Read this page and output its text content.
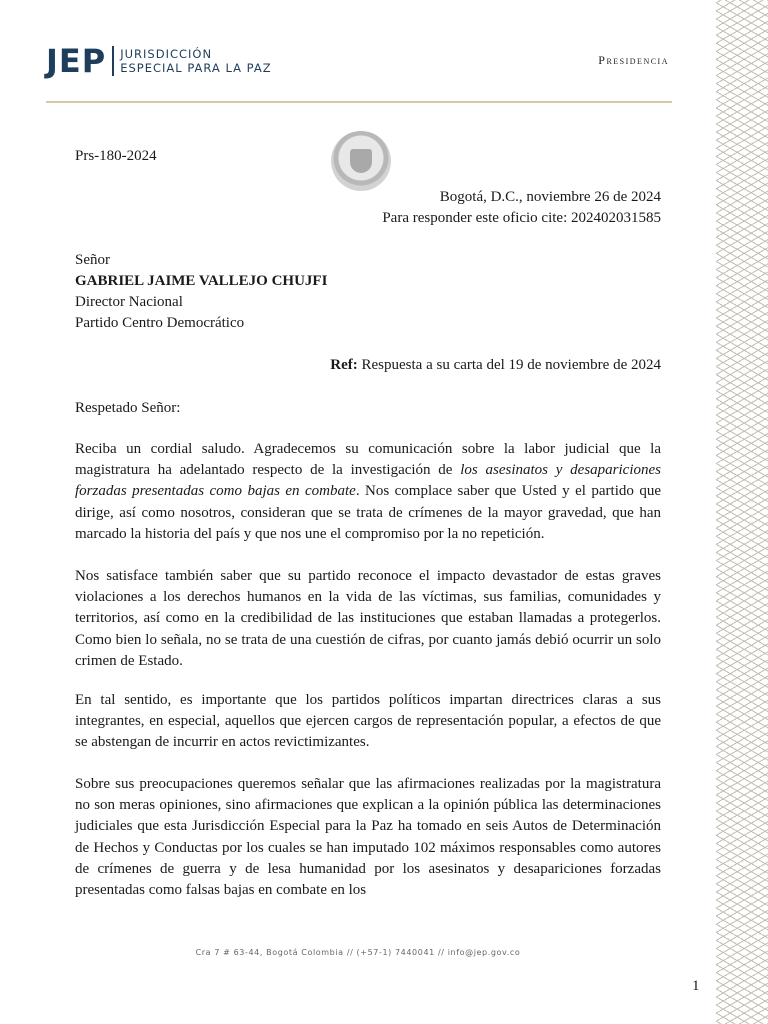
JEP JURISDICCIÓN
ESPECIAL PARA LA PAZ
Presidencia
Prs-180-2024
Bogotá, D.C., noviembre 26 de 2024
Para responder este oficio cite: 202402031585
Señor
GABRIEL JAIME VALLEJO CHUJFI
Director Nacional
Partido Centro Democrático
Ref: Respuesta a su carta del 19 de noviembre de 2024
Respetado Señor:
Reciba un cordial saludo. Agradecemos su comunicación sobre la labor judicial que la magistratura ha adelantado respecto de la investigación de los asesinatos y desapariciones forzadas presentadas como bajas en combate. Nos complace saber que Usted y el partido que dirige, así como nosotros, consideran que se trata de crímenes de la mayor gravedad, que han marcado la historia del país y que nos une el compromiso por la no repetición.
Nos satisface también saber que su partido reconoce el impacto devastador de estas graves violaciones a los derechos humanos en la vida de las víctimas, sus familias, comunidades y territorios, así como en la credibilidad de las instituciones que estaban llamadas a protegerlos. Como bien lo señala, no se trata de una cuestión de cifras, por cuanto jamás debió ocurrir un solo crimen de Estado.
En tal sentido, es importante que los partidos políticos impartan directrices claras a sus integrantes, en especial, aquellos que ejercen cargos de representación popular, a efectos de que se abstengan de incurrir en actos revictimizantes.
Sobre sus preocupaciones queremos señalar que las afirmaciones realizadas por la magistratura no son meras opiniones, sino afirmaciones que explican a la opinión pública las determinaciones judiciales que esta Jurisdicción Especial para la Paz ha tomado en seis Autos de Determinación de Hechos y Conductas por los cuales se han imputado 102 máximos responsables como autores de crímenes de guerra y de lesa humanidad por los asesinatos y desapariciones forzadas presentadas como falsas bajas en combate en los
Cra 7 # 63-44, Bogotá Colombia // (+57-1) 7440041 // info@jep.gov.co
1
